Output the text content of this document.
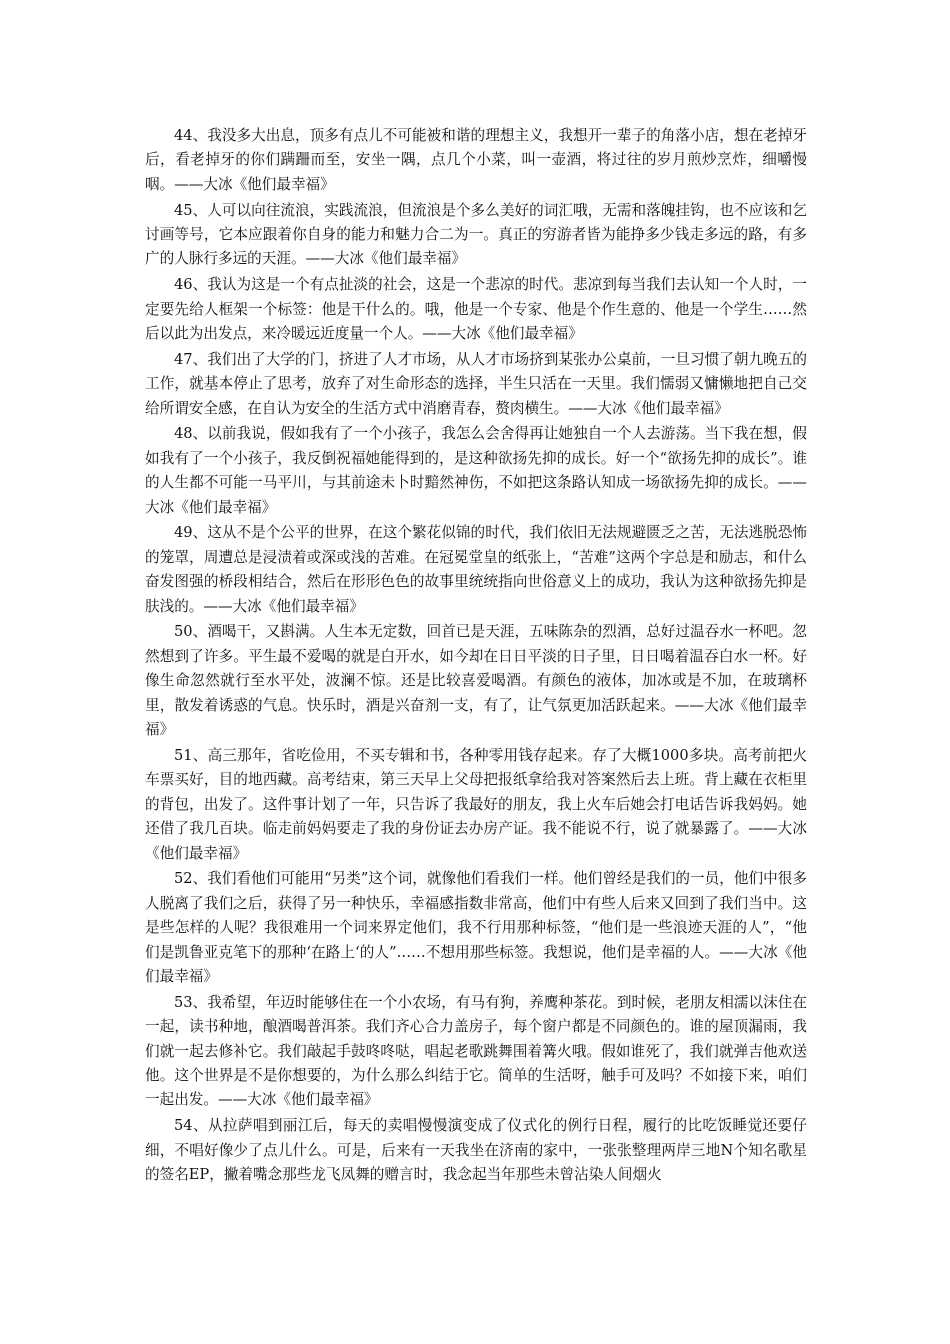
44、我没多大出息，顶多有点儿不可能被和谐的理想主义，我想开一辈子的角落小店，想在老掉牙后，看老掉牙的你们蹒跚而至，安坐一隅，点几个小菜，叫一壶酒，将过往的岁月煎炒烹炸，细嚼慢咽。——大冰《他们最幸福》

45、人可以向往流浪，实践流浪，但流浪是个多么美好的词汇哦，无需和落魄挂钩，也不应该和乞讨画等号，它本应跟着你自身的能力和魅力合二为一。真正的穷游者皆为能挣多少钱走多远的路，有多广的人脉行多远的天涯。——大冰《他们最幸福》

46、我认为这是一个有点扯淡的社会，这是一个悲凉的时代。悲凉到每当我们去认知一个人时，一定要先给人框架一个标签：他是干什么的。哦，他是一个专家、他是个作生意的、他是一个学生……然后以此为出发点，来冷暖远近度量一个人。——大冰《他们最幸福》

47、我们出了大学的门，挤进了人才市场，从人才市场挤到某张办公桌前，一旦习惯了朝九晚五的工作，就基本停止了思考，放弃了对生命形态的选择，半生只活在一天里。我们懦弱又慵懒地把自己交给所谓安全感，在自认为安全的生活方式中消磨青春，赘肉横生。——大冰《他们最幸福》

48、以前我说，假如我有了一个小孩子，我怎么会舍得再让她独自一个人去游荡。当下我在想，假如我有了一个小孩子，我反倒祝福她能得到的，是这种欲扬先抑的成长。好一个“欲扬先抑的成长”。谁的人生都不可能一马平川，与其前途未卜时黯然神伤，不如把这条路认知成一场欲扬先抑的成长。——大冰《他们最幸福》

49、这从不是个公平的世界，在这个繁花似锦的时代，我们依旧无法规避匮乏之苦，无法逃脱恐怖的笼罩，周遭总是浸渍着或深或浅的苦难。在冠冕堂皇的纸张上，“苦难”这两个字总是和励志，和什么奋发图强的桥段相结合，然后在形形色色的故事里统统指向世俗意义上的成功，我认为这种欲扬先抑是肤浅的。——大冰《他们最幸福》

50、酒喝干，又斟满。人生本无定数，回首已是天涯，五味陈杂的烈酒，总好过温吞水一杯吧。忽然想到了许多。平生最不爱喝的就是白开水，如今却在日日平淡的日子里，日日喝着温吞白水一杯。好像生命忽然就行至水平处，波澜不惊。还是比较喜爱喝酒。有颜色的液体，加冰或是不加，在玻璃杯里，散发着诱惑的气息。快乐时，酒是兴奋剂一支，有了，让气氛更加活跃起来。——大冰《他们最幸福》

51、高三那年，省吃俭用，不买专辑和书，各种零用钱存起来。存了大概1000多块。高考前把火车票买好，目的地西藏。高考结束，第三天早上父母把报纸拿给我对答案然后去上班。背上藏在衣柜里的背包，出发了。这件事计划了一年，只告诉了我最好的朋友，我上火车后她会打电话告诉我妈妈。她还借了我几百块。临走前妈妈要走了我的身份证去办房产证。我不能说不行，说了就暴露了。——大冰《他们最幸福》

52、我们看他们可能用“另类”这个词，就像他们看我们一样。他们曾经是我们的一员，他们中很多人脱离了我们之后，获得了另一种快乐，幸福感指数非常高，他们中有些人后来又回到了我们当中。这是些怎样的人呢？我很难用一个词来界定他们，我不行用那种标签，“他们是一些浪迹天涯的人”，“他们是凯鲁亚克笔下的那种‘在路上‘的人”……不想用那些标签。我想说，他们是幸福的人。——大冰《他们最幸福》

53、我希望，年迈时能够住在一个小农场，有马有狗，养鹰种茶花。到时候，老朋友相濡以沫住在一起，读书种地，酿酒喝普洱茶。我们齐心合力盖房子，每个窗户都是不同颜色的。谁的屋顶漏雨，我们就一起去修补它。我们敲起手鼓咚咚哒，唱起老歌跳舞围着篝火哦。假如谁死了，我们就弹吉他欢送他。这个世界是不是你想要的，为什么那么纠结于它。简单的生活呀，触手可及吗？不如接下来，咱们一起出发。——大冰《他们最幸福》

54、从拉萨唱到丽江后，每天的卖唱慢慢演变成了仪式化的例行日程，履行的比吃饭睡觉还要仔细，不唱好像少了点儿什么。可是，后来有一天我坐在济南的家中，一张张整理两岸三地N个知名歌星的签名EP，撇着嘴念那些龙飞凤舞的赠言时，我念起当年那些未曾沾染人间烟火
